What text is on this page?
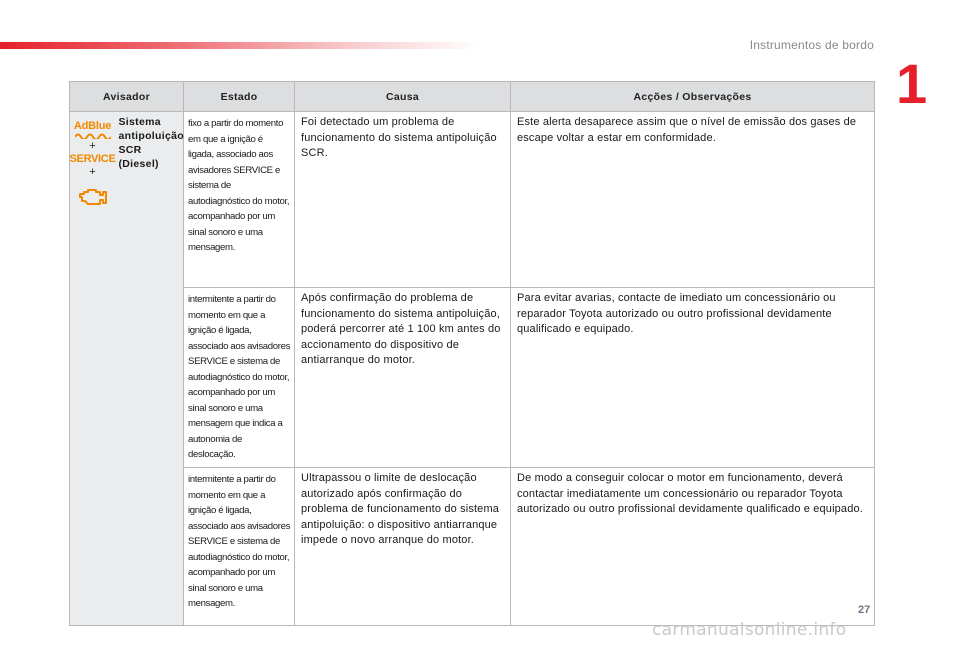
Instrumentos de bordo
1
Avisador		Estado	Causa	Acções / Observações

AdBlue
+
SERVICE
+	Sistema
antipoluição
SCR
(Diesel)	fixo a partir do momento em que a ignição é ligada, associado aos avisadores SERVICE e sistema de autodiagnóstico do motor, acompanhado por um sinal sonoro e uma mensagem.	Foi detectado um problema de funcionamento do sistema antipoluição SCR.	Este alerta desaparece assim que o nível de emissão dos gases de escape voltar a estar em conformidade.

		intermitente a partir do momento em que a ignição é ligada, associado aos avisadores SERVICE e sistema de autodiagnóstico do motor, acompanhado por um sinal sonoro e uma mensagem que indica a autonomia de deslocação.	Após confirmação do problema de funcionamento do sistema antipoluição, poderá percorrer até 1 100 km antes do accionamento do dispositivo de antiarranque do motor.	Para evitar avarias, contacte de imediato um concessionário ou reparador Toyota autorizado ou outro profissional devidamente qualificado e equipado.

		intermitente a partir do momento em que a ignição é ligada, associado aos avisadores SERVICE e sistema de autodiagnóstico do motor, acompanhado por um sinal sonoro e uma mensagem.	Ultrapassou o limite de deslocação autorizado após confirmação do problema de funcionamento do sistema antipoluição: o dispositivo antiarranque impede o novo arranque do motor.	De modo a conseguir colocar o motor em funcionamento, deverá contactar imediatamente um concessionário ou reparador Toyota autorizado ou outro profissional devidamente qualificado e equipado.
27
carmanualsonline.info
